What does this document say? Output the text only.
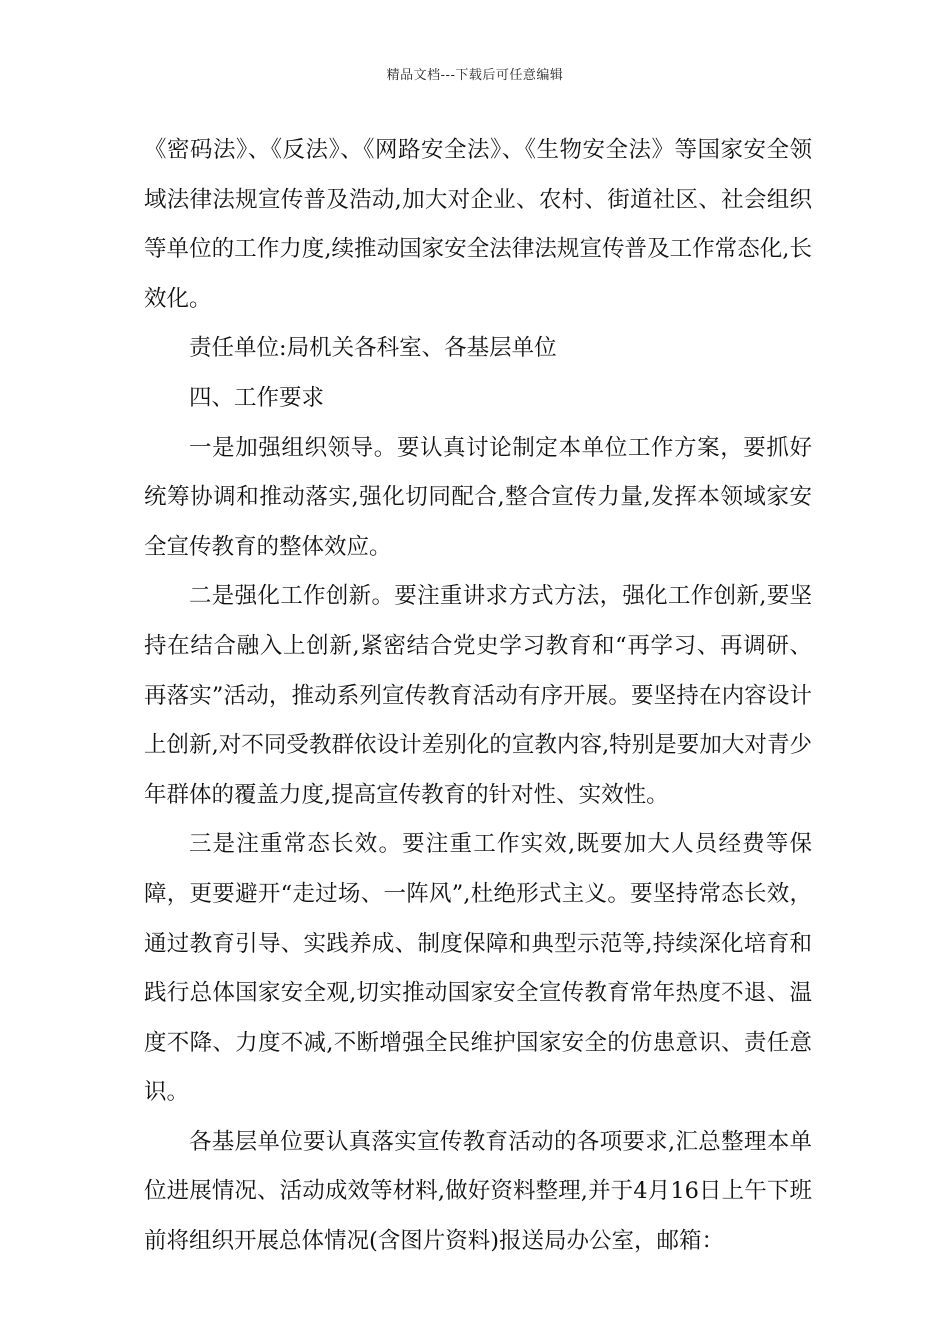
精品文档---下载后可任意编辑

《密码法》、《反法》、《网路安全法》、《生物安全法》等国家安全领域法律法规宣传普及浩动,加大对企业、农村、街道社区、社会组织等单位的工作力度,续推动国家安全法律法规宣传普及工作常态化,长效化。

责任单位:局机关各科室、各基层单位

四、工作要求

一是加强组织领导。要认真讨论制定本单位工作方案，要抓好统筹协调和推动落实,强化切同配合,整合宣传力量,发挥本领域家安全宣传教育的整体效应。

二是强化工作创新。要注重讲求方式方法，强化工作创新,要坚持在结合融入上创新,紧密结合党史学习教育和“再学习、再调研、再落实”活动，推动系列宣传教育活动有序开展。要坚持在内容设计上创新,对不同受教群依设计差别化的宣教内容,特别是要加大对青少年群体的覆盖力度,提高宣传教育的针对性、实效性。

三是注重常态长效。要注重工作实效,既要加大人员经费等保障，更要避开“走过场、一阵风”,杜绝形式主义。要坚持常态长效，通过教育引导、实践养成、制度保障和典型示范等,持续深化培育和践行总体国家安全观,切实推动国家安全宣传教育常年热度不退、温度不降、力度不减,不断增强全民维护国家安全的仿患意识、责任意识。

各基层单位要认真落实宣传教育活动的各项要求,汇总整理本单位进展情况、活动成效等材料,做好资料整理,并于4月16日上午下班前将组织开展总体情况(含图片资料)报送局办公室，邮箱：
